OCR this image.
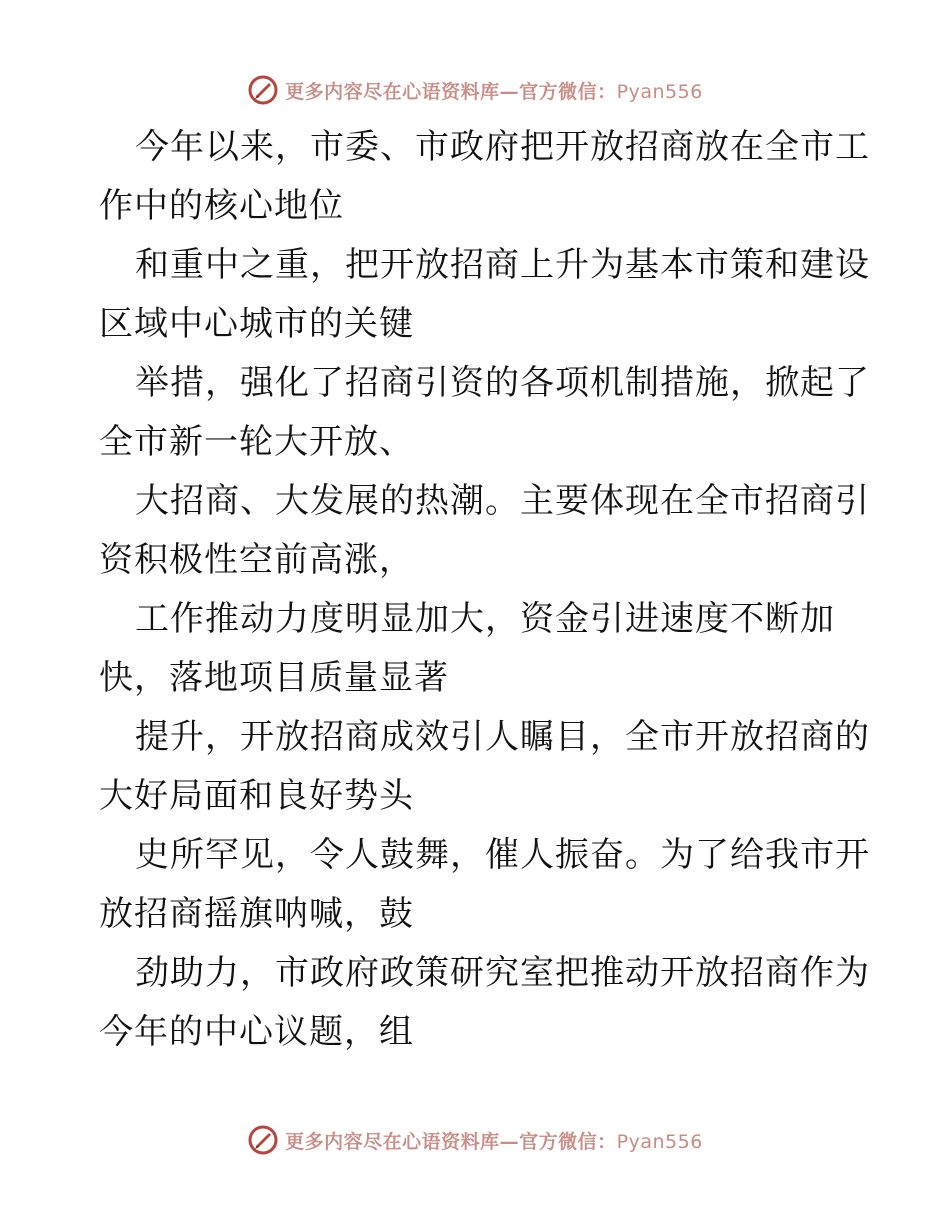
更多内容尽在心语资料库—官方微信：Pyan556

今年以来，市委、市政府把开放招商放在全市工
作中的核心地位

和重中之重，把开放招商上升为基本市策和建设
区域中心城市的关键

举措，强化了招商引资的各项机制措施，掀起了
全市新一轮大开放、

大招商、大发展的热潮。主要体现在全市招商引
资积极性空前高涨，

工作推动力度明显加大，资金引进速度不断加
快，落地项目质量显著

提升，开放招商成效引人瞩目，全市开放招商的
大好局面和良好势头

史所罕见，令人鼓舞，催人振奋。为了给我市开
放招商摇旗呐喊，鼓

劲助力，市政府政策研究室把推动开放招商作为
今年的中心议题，组

更多内容尽在心语资料库—官方微信：Pyan556
